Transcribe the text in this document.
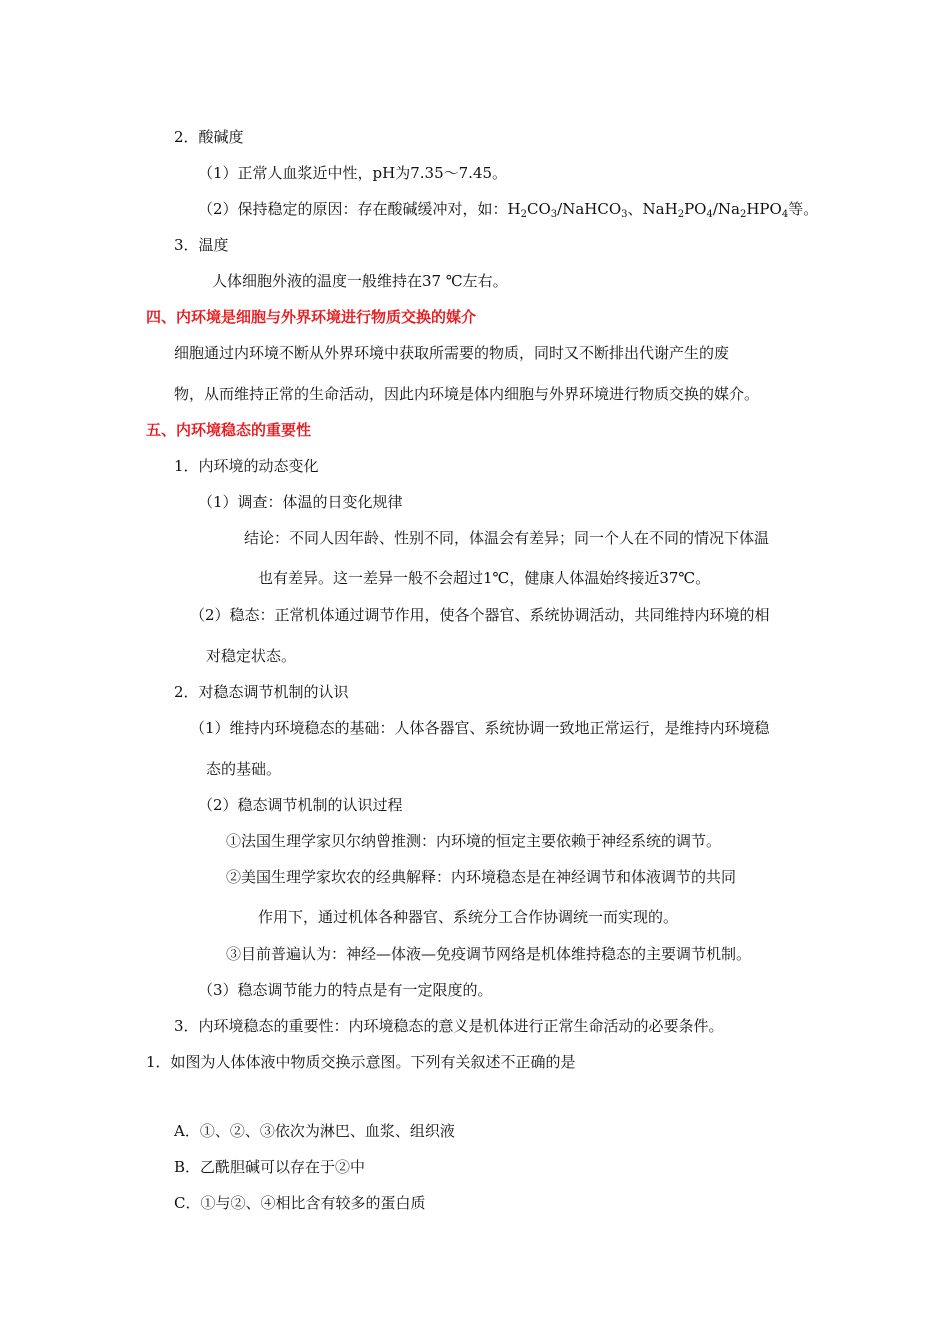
2．酸碱度
（1）正常人血浆近中性，pH为7.35～7.45。
（2）保持稳定的原因：存在酸碱缓冲对，如：$H_2CO_3/NaHCO_3$、$NaH_2PO_4/Na_2HPO_4$等。
3．温度
人体细胞外液的温度一般维持在37 ℃左右。
四、内环境是细胞与外界环境进行物质交换的媒介
细胞通过内环境不断从外界环境中获取所需要的物质，同时又不断排出代谢产生的废
物，从而维持正常的生命活动，因此内环境是体内细胞与外界环境进行物质交换的媒介。
五、内环境稳态的重要性
1．内环境的动态变化
（1）调查：体温的日变化规律
结论：不同人因年龄、性别不同，体温会有差异；同一个人在不同的情况下体温
也有差异。这一差异一般不会超过1℃，健康人体温始终接近37℃。
（2）稳态：正常机体通过调节作用，使各个器官、系统协调活动，共同维持内环境的相
对稳定状态。
2．对稳态调节机制的认识
（1）维持内环境稳态的基础：人体各器官、系统协调一致地正常运行，是维持内环境稳
态的基础。
（2）稳态调节机制的认识过程
①法国生理学家贝尔纳曾推测：内环境的恒定主要依赖于神经系统的调节。
②美国生理学家坎农的经典解释：内环境稳态是在神经调节和体液调节的共同
作用下，通过机体各种器官、系统分工合作协调统一而实现的。
③目前普遍认为：神经—体液—免疫调节网络是机体维持稳态的主要调节机制。
（3）稳态调节能力的特点是有一定限度的。
3．内环境稳态的重要性：内环境稳态的意义是机体进行正常生命活动的必要条件。
1．如图为人体体液中物质交换示意图。下列有关叙述不正确的是
A．①、②、③依次为淋巴、血浆、组织液
B．乙酰胆碱可以存在于②中
C．①与②、④相比含有较多的蛋白质
